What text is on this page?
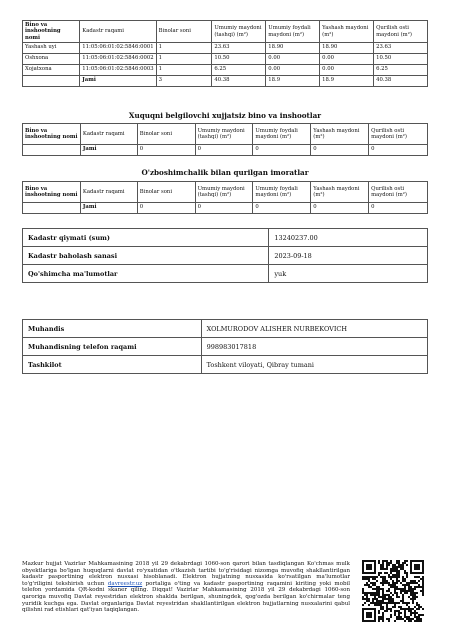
Bino va inshootning nomi	Kadastr raqami	Binolar soni	Umumiy maydoni (tashqi) (m²)	Umumiy foydali maydoni (m²)	Yashash maydoni (m²)	Qurilish osti maydoni (m²)
Yashash uyi	11:05:06:01:02:5846:0001	1	23.63	18.90	18.90	23.63
Oshxona	11:05:06:01:02:5846:0002	1	10.50	0.00	0.00	10.50
Xojatxona	11:05:06:01:02:5846:0003	1	6.25	0.00	0.00	6.25
	Jami	3	40.38	18.9	18.9	40.38
Xuquqni belgilovchi xujjatsiz bino va inshootlar
Bino va inshootning nomi	Kadastr raqami	Binolar soni	Umumiy maydoni (tashqi) (m²)	Umumiy foydali maydoni (m²)	Yashash maydoni (m²)	Qurilish osti maydoni (m²)
	Jami	0	0	0	0	0
O'zboshimchalik bilan qurilgan imoratlar
Bino va inshootning nomi	Kadastr raqami	Binolar soni	Umumiy maydoni (tashqi) (m²)	Umumiy foydali maydoni (m²)	Yashash maydoni (m²)	Qurilish osti maydoni (m²)
	Jami	0	0	0	0	0
Kadastr qiymati (sum)	13240237.00
Kadastr baholash sanasi	2023-09-18
Qo'shimcha ma'lumotlar	yuk
Muhandis	XOLMURODOV ALISHER NURBEKOVICH
Muhandisning telefon raqami	998983017818
Tashkilot	Toshkent viloyati, Qibray tumani
Mazkur hujjat Vazirlar Mahkamasining 2018 yil 29 dekabrdagi 1060-son qarori bilan tasdiqlangan Ko'chmas mulk obyektlariga bo'lgan huquqlarni davlat ro'yxatidan o'tkazish tartibi to'g'risidagi nizomga muvofiq shakllantirilgan kadastr pasportining elektron nusxasi hisoblanadi. Elektron hujjatning nusxasida ko'rsatilgan ma'lumotlar to'g'riligini tekshirish uchun davreestr.uz portaliga o'ting va kadastr pasportining raqamini kiriting yoki mobil telefon yordamida QR-kodni skaner qiling. Diqqat! Vazirlar Mahkamasining 2018 yil 29 dekabrdagi 1060-son qaroriga muvofiq Davlat reyestridan elektron shaklda berilgan, shuningdek, qog'ozda berilgan ko'chirmalar teng yuridik kuchga ega. Davlat organlariga Davlat reyestridan shakllantirilgan elektron hujjatlarning nusxalarini qabul qilishni rad etishlari qat'iyan taqiqlangan.
